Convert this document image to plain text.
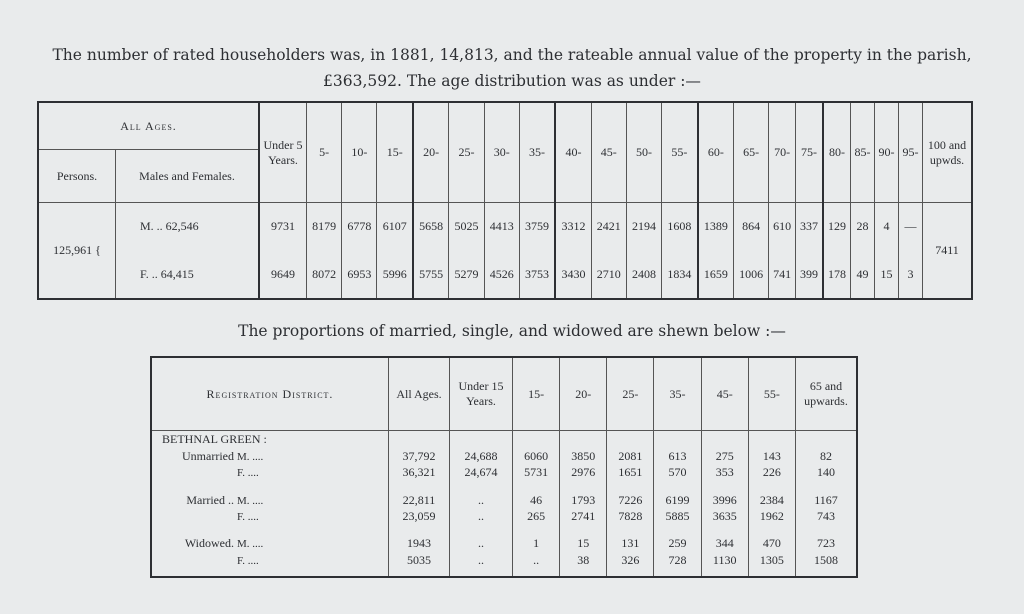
The number of rated householders was, in 1881, 14,813, and the rateable annual value of the property in the parish,
£363,592. The age distribution was as under :—
All Ages.		Under 5 Years.	5-	10-	15-	20-	25-	30-	35-	40-	45-	50-	55-	60-	65-	70-	75-	80-	85-	90-	95-	100 and upwds.
Persons.	Males and Females.																					
125,961 {	M. .. 62,546	9731	8179	6778	6107	5658	5025	4413	3759	3312	2421	2194	1608	1389	864	610	337	129	28	4	—	7411
	F. .. 64,415	9649	8072	6953	5996	5755	5279	4526	3753	3430	2710	2408	1834	1659	1006	741	399	178	49	15	3	
The proportions of married, single, and widowed are shewn below :—
Registration District.	All Ages.	Under 15 Years.	15-	20-	25-	35-	45-	55-	65 and upwards.
BETHNAL GREEN :									
Unmarried M. ....	37,792	24,688	6060	3850	2081	613	275	143	82
F. ....	36,321	24,674	5731	2976	1651	570	353	226	140

Married .. M. ....	22,811	..	46	1793	7226	6199	3996	2384	1167
F. ....	23,059	..	265	2741	7828	5885	3635	1962	743

Widowed. M. ....	1943	..	1	15	131	259	344	470	723
F. ....	5035	..	..	38	326	728	1130	1305	1508
